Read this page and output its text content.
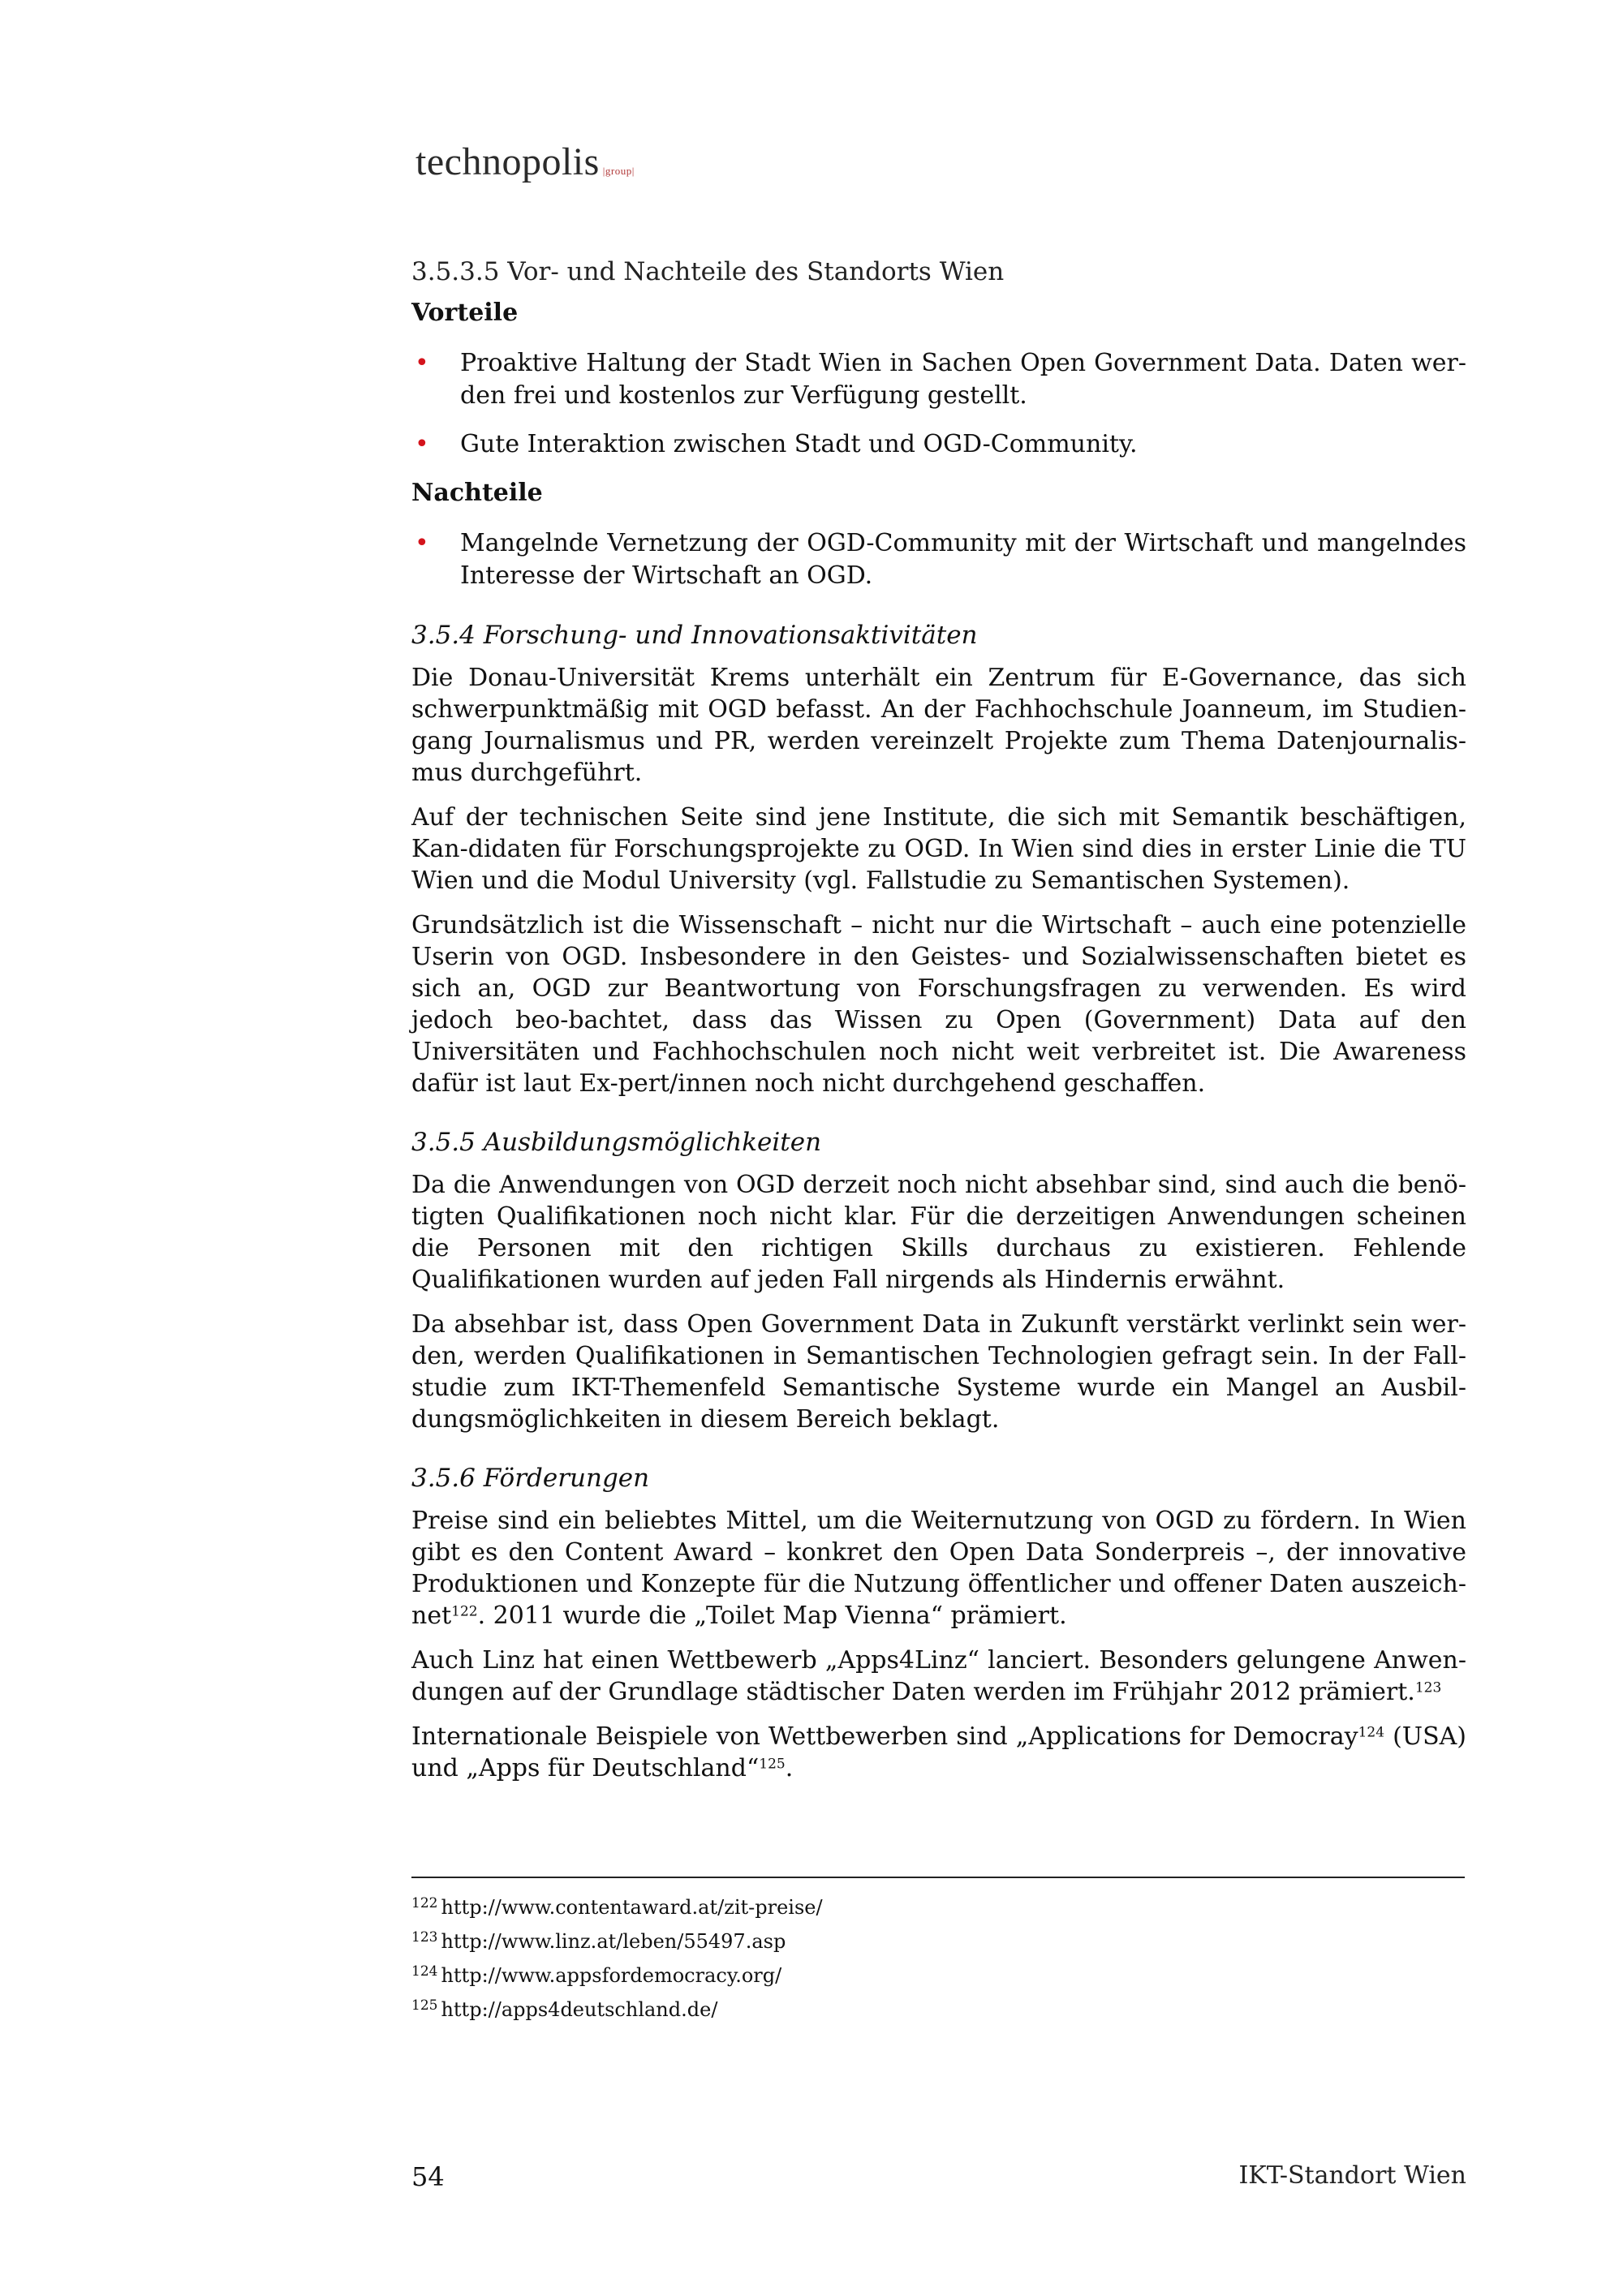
technopolis |group|
3.5.3.5 Vor- und Nachteile des Standorts Wien
Vorteile
• Proaktive Haltung der Stadt Wien in Sachen Open Government Data. Daten wer-den frei und kostenlos zur Verfügung gestellt.
• Gute Interaktion zwischen Stadt und OGD-Community.
Nachteile
• Mangelnde Vernetzung der OGD-Community mit der Wirtschaft und mangelndes Interesse der Wirtschaft an OGD.
3.5.4 Forschung- und Innovationsaktivitäten

Die Donau-Universität Krems unterhält ein Zentrum für E-Governance, das sich schwerpunktmäßig mit OGD befasst. An der Fachhochschule Joanneum, im Studien-gang Journalismus und PR, werden vereinzelt Projekte zum Thema Datenjournalis-mus durchgeführt.

Auf der technischen Seite sind jene Institute, die sich mit Semantik beschäftigen, Kan-didaten für Forschungsprojekte zu OGD. In Wien sind dies in erster Linie die TU Wien und die Modul University (vgl. Fallstudie zu Semantischen Systemen).

Grundsätzlich ist die Wissenschaft – nicht nur die Wirtschaft – auch eine potenzielle Userin von OGD. Insbesondere in den Geistes- und Sozialwissenschaften bietet es sich an, OGD zur Beantwortung von Forschungsfragen zu verwenden. Es wird jedoch beo-bachtet, dass das Wissen zu Open (Government) Data auf den Universitäten und Fachhochschulen noch nicht weit verbreitet ist. Die Awareness dafür ist laut Ex-pert/innen noch nicht durchgehend geschaffen.

3.5.5 Ausbildungsmöglichkeiten

Da die Anwendungen von OGD derzeit noch nicht absehbar sind, sind auch die benö-tigten Qualifikationen noch nicht klar. Für die derzeitigen Anwendungen scheinen die Personen mit den richtigen Skills durchaus zu existieren. Fehlende Qualifikationen wurden auf jeden Fall nirgends als Hindernis erwähnt.

Da absehbar ist, dass Open Government Data in Zukunft verstärkt verlinkt sein wer-den, werden Qualifikationen in Semantischen Technologien gefragt sein. In der Fall-studie zum IKT-Themenfeld Semantische Systeme wurde ein Mangel an Ausbil-dungsmöglichkeiten in diesem Bereich beklagt.

3.5.6 Förderungen

Preise sind ein beliebtes Mittel, um die Weiternutzung von OGD zu fördern. In Wien gibt es den Content Award – konkret den Open Data Sonderpreis –, der innovative Produktionen und Konzepte für die Nutzung öffentlicher und offener Daten auszeich-net$^{122}$. 2011 wurde die „Toilet Map Vienna“ prämiert.

Auch Linz hat einen Wettbewerb „Apps4Linz“ lanciert. Besonders gelungene Anwen-dungen auf der Grundlage städtischer Daten werden im Frühjahr 2012 prämiert.$^{123}$

Internationale Beispiele von Wettbewerben sind „Applications for Democray$^{124}$ (USA) und „Apps für Deutschland“$^{125}$.

$^{122}$ http://www.contentaward.at/zit-preise/
$^{123}$ http://www.linz.at/leben/55497.asp
$^{124}$ http://www.appsfordemocracy.org/
$^{125}$ http://apps4deutschland.de/
54	IKT-Standort Wien
